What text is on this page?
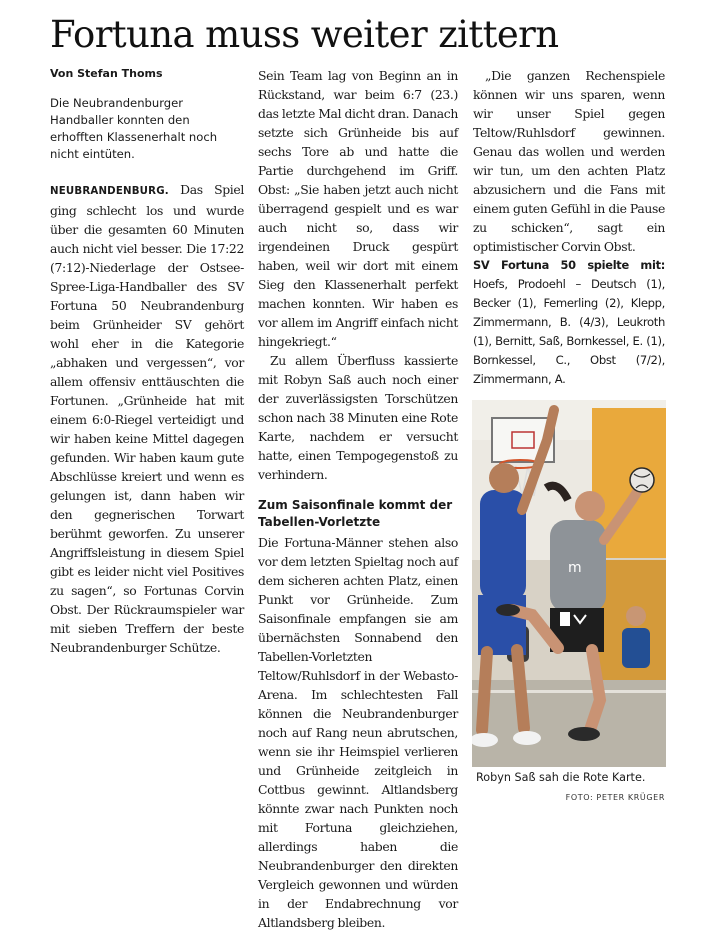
Fortuna muss weiter zittern

Von Stefan Thoms

Die Neubrandenburger Handballer konnten den erhofften Klassenerhalt noch nicht eintüten.

NEUBRANDENBURG. Das Spiel ging schlecht los und wurde über die gesamten 60 Minuten auch nicht viel besser. Die 17:22 (7:12)-Niederlage der Ostsee-Spree-Liga-Handballer des SV Fortuna 50 Neubrandenburg beim Grünheider SV gehört wohl eher in die Kategorie „abhaken und vergessen“, vor allem offensiv enttäuschten die Fortunen. „Grünheide hat mit einem 6:0-Riegel verteidigt und wir haben keine Mittel dagegen gefunden. Wir haben kaum gute Abschlüsse kreiert und wenn es gelungen ist, dann haben wir den gegnerischen Torwart berühmt geworfen. Zu unserer Angriffsleistung in diesem Spiel gibt es leider nicht viel Positives zu sagen“, so Fortunas Corvin Obst. Der Rückraumspieler war mit sieben Treffern der beste Neubrandenburger Schütze.

Sein Team lag von Beginn an in Rückstand, war beim 6:7 (23.) das letzte Mal dicht dran. Danach setzte sich Grünheide bis auf sechs Tore ab und hatte die Partie durchgehend im Griff. Obst: „Sie haben jetzt auch nicht überragend gespielt und es war auch nicht so, dass wir irgendeinen Druck gespürt haben, weil wir dort mit einem Sieg den Klassenerhalt perfekt machen konnten. Wir haben es vor allem im Angriff einfach nicht hingekriegt.“

Zu allem Überfluss kassierte mit Robyn Saß auch noch einer der zuverlässigsten Torschützen schon nach 38 Minuten eine Rote Karte, nachdem er versucht hatte, einen Tempogegenstoß zu verhindern.

Zum Saisonfinale kommt der Tabellen-Vorletzte

Die Fortuna-Männer stehen also vor dem letzten Spieltag noch auf dem sicheren achten Platz, einen Punkt vor Grünheide. Zum Saisonfinale empfangen sie am übernächsten Sonnabend den Tabellen-Vorletzten Teltow/Ruhlsdorf in der Webasto-Arena. Im schlechtesten Fall können die Neubrandenburger noch auf Rang neun abrutschen, wenn sie ihr Heimspiel verlieren und Grünheide zeitgleich in Cottbus gewinnt. Altlandsberg könnte zwar nach Punkten noch mit Fortuna gleichziehen, allerdings haben die Neubrandenburger den direkten Vergleich gewonnen und würden in der Endabrechnung vor Altlandsberg bleiben.

„Die ganzen Rechenspiele können wir uns sparen, wenn wir unser Spiel gegen Teltow/Ruhlsdorf gewinnen. Genau das wollen und werden wir tun, um den achten Platz abzusichern und die Fans mit einem guten Gefühl in die Pause zu schicken“, sagt ein optimistischer Corvin Obst.

SV Fortuna 50 spielte mit: Hoefs, Prodoehl – Deutsch (1), Becker (1), Femerling (2), Klepp, Zimmermann, B. (4/3), Leukroth (1), Bernitt, Saß, Bornkessel, E. (1), Bornkessel, C., Obst (7/2), Zimmermann, A.

m

Robyn Saß sah die Rote Karte.

FOTO: PETER KRÜGER
